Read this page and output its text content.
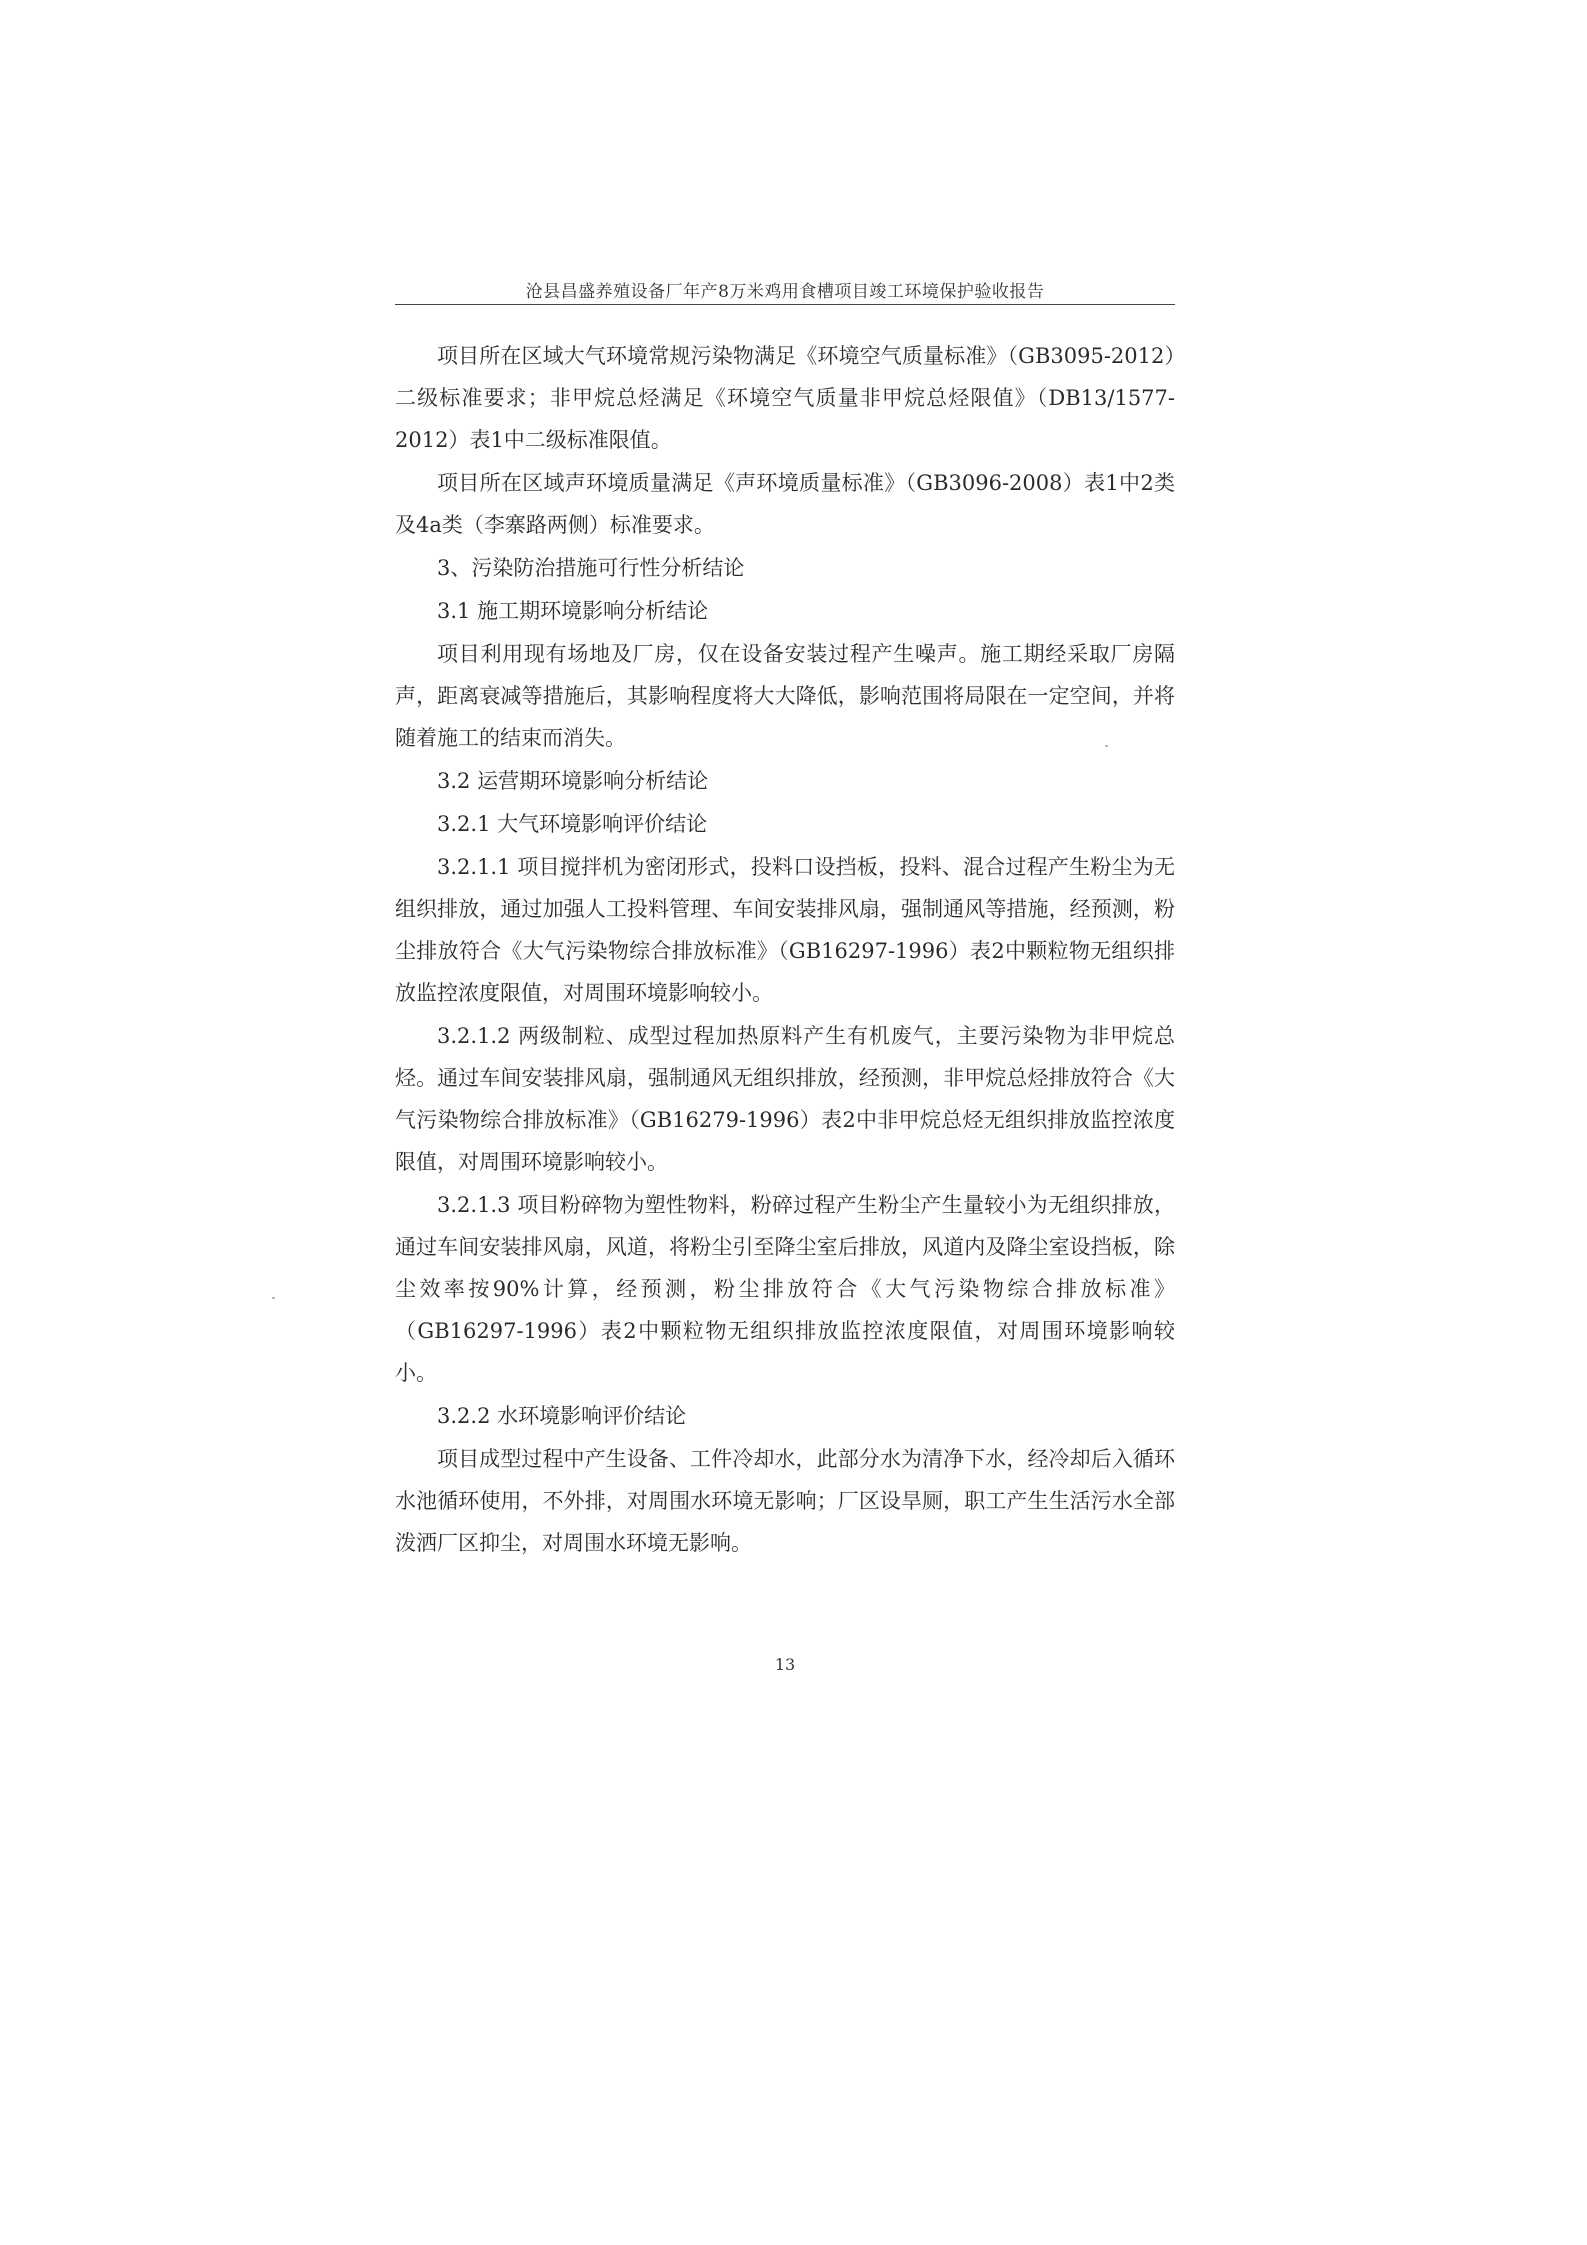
沧县昌盛养殖设备厂年产8万米鸡用食槽项目竣工环境保护验收报告

项目所在区域大气环境常规污染物满足《环境空气质量标准》（GB3095-2012）二级标准要求；非甲烷总烃满足《环境空气质量非甲烷总烃限值》（DB13/1577-2012）表1中二级标准限值。

项目所在区域声环境质量满足《声环境质量标准》（GB3096-2008）表1中2类及4a类（李寨路两侧）标准要求。

3、污染防治措施可行性分析结论

3.1 施工期环境影响分析结论

项目利用现有场地及厂房，仅在设备安装过程产生噪声。施工期经采取厂房隔声，距离衰减等措施后，其影响程度将大大降低，影响范围将局限在一定空间，并将随着施工的结束而消失。

3.2 运营期环境影响分析结论

3.2.1 大气环境影响评价结论

3.2.1.1 项目搅拌机为密闭形式，投料口设挡板，投料、混合过程产生粉尘为无组织排放，通过加强人工投料管理、车间安装排风扇，强制通风等措施，经预测，粉尘排放符合《大气污染物综合排放标准》（GB16297-1996）表2中颗粒物无组织排放监控浓度限值，对周围环境影响较小。

3.2.1.2 两级制粒、成型过程加热原料产生有机废气，主要污染物为非甲烷总烃。通过车间安装排风扇，强制通风无组织排放，经预测，非甲烷总烃排放符合《大气污染物综合排放标准》（GB16279-1996）表2中非甲烷总烃无组织排放监控浓度限值，对周围环境影响较小。

3.2.1.3 项目粉碎物为塑性物料，粉碎过程产生粉尘产生量较小为无组织排放，通过车间安装排风扇，风道，将粉尘引至降尘室后排放，风道内及降尘室设挡板，除尘效率按90%计算，经预测，粉尘排放符合《大气污染物综合排放标准》（GB16297-1996）表2中颗粒物无组织排放监控浓度限值，对周围环境影响较小。

3.2.2 水环境影响评价结论

项目成型过程中产生设备、工件冷却水，此部分水为清净下水，经冷却后入循环水池循环使用，不外排，对周围水环境无影响；厂区设旱厕，职工产生生活污水全部泼洒厂区抑尘，对周围水环境无影响。

13
